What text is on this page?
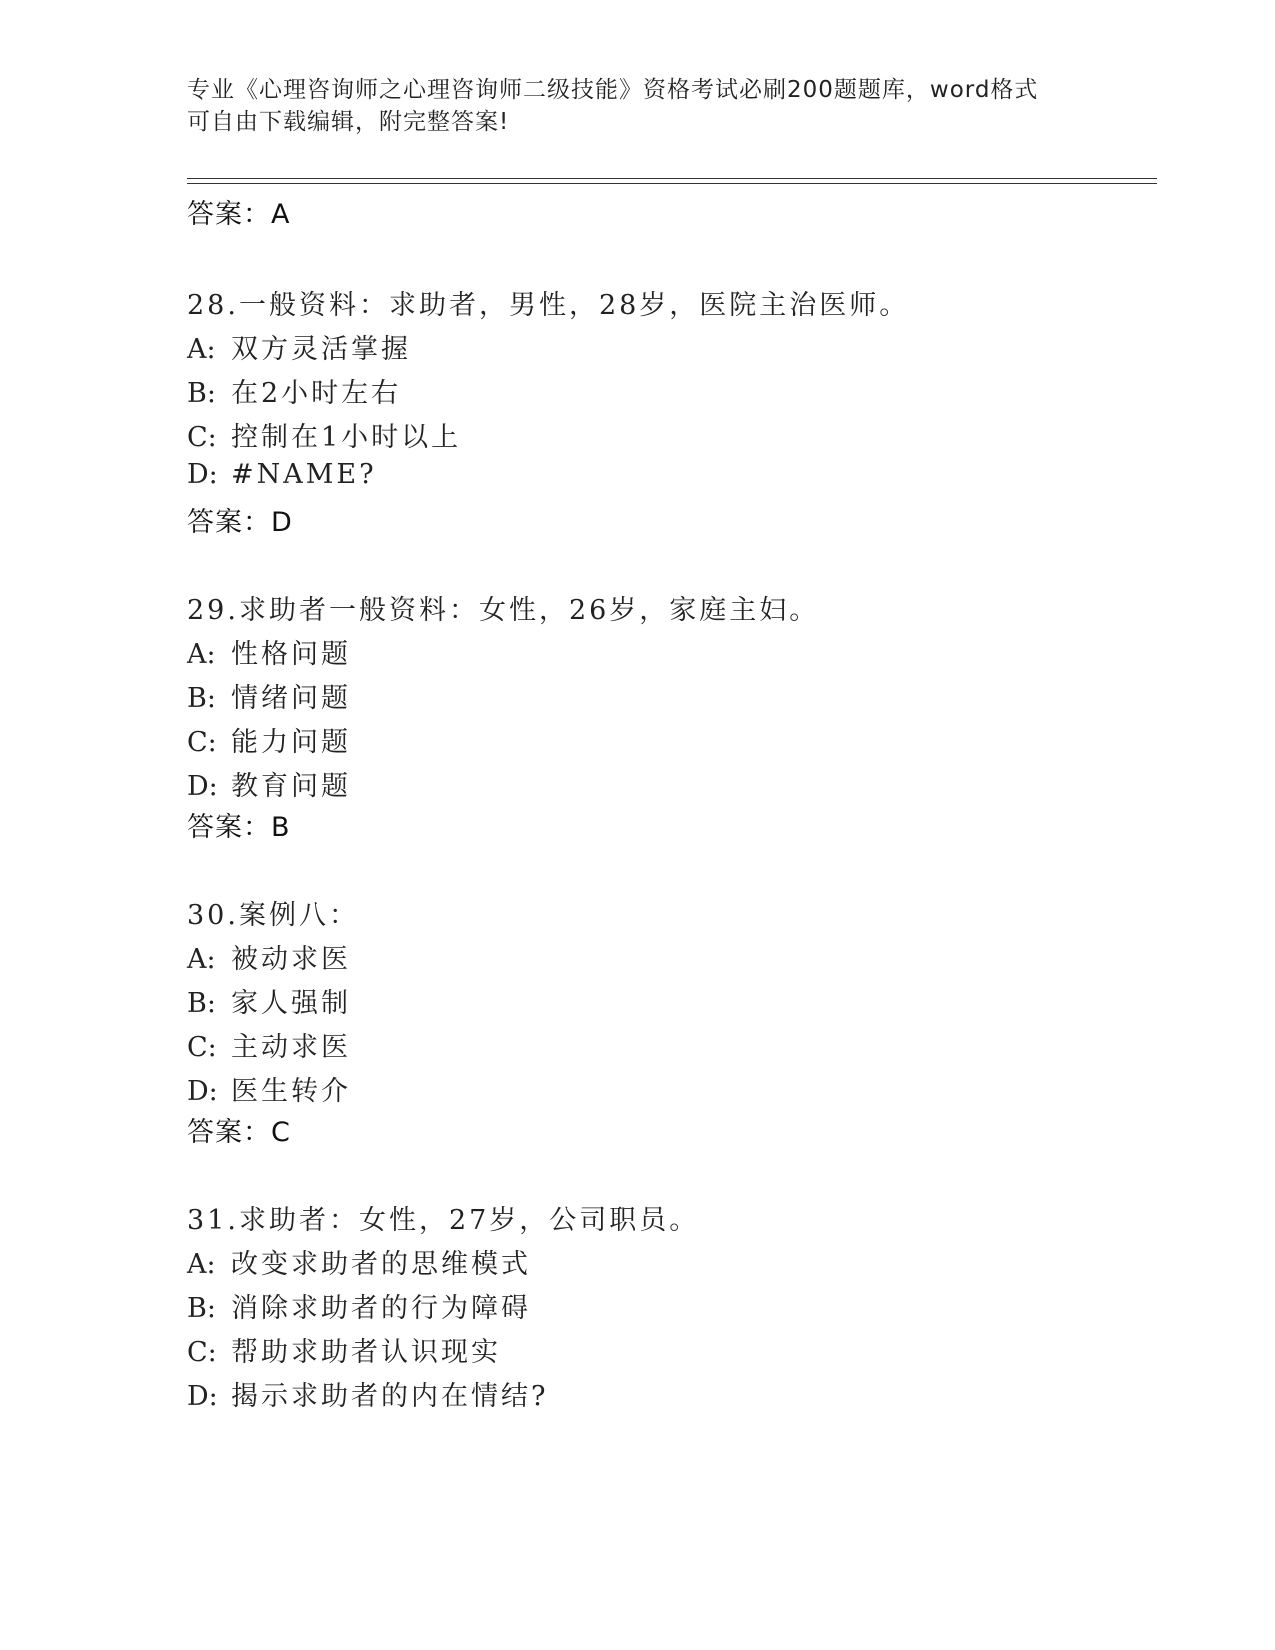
专业《心理咨询师之心理咨询师二级技能》资格考试必刷200题题库，word格式
可自由下载编辑，附完整答案!
答案：A
28.一般资料：求助者，男性，28岁，医院主治医师。
A: 双方灵活掌握
B: 在2小时左右
C: 控制在1小时以上
D: #NAME?
答案：D
29.求助者一般资料：女性，26岁，家庭主妇。
A: 性格问题
B: 情绪问题
C: 能力问题
D: 教育问题
答案：B
30.案例八：
A: 被动求医
B: 家人强制
C: 主动求医
D: 医生转介
答案：C
31.求助者：女性，27岁，公司职员。
A: 改变求助者的思维模式
B: 消除求助者的行为障碍
C: 帮助求助者认识现实
D: 揭示求助者的内在情结?
